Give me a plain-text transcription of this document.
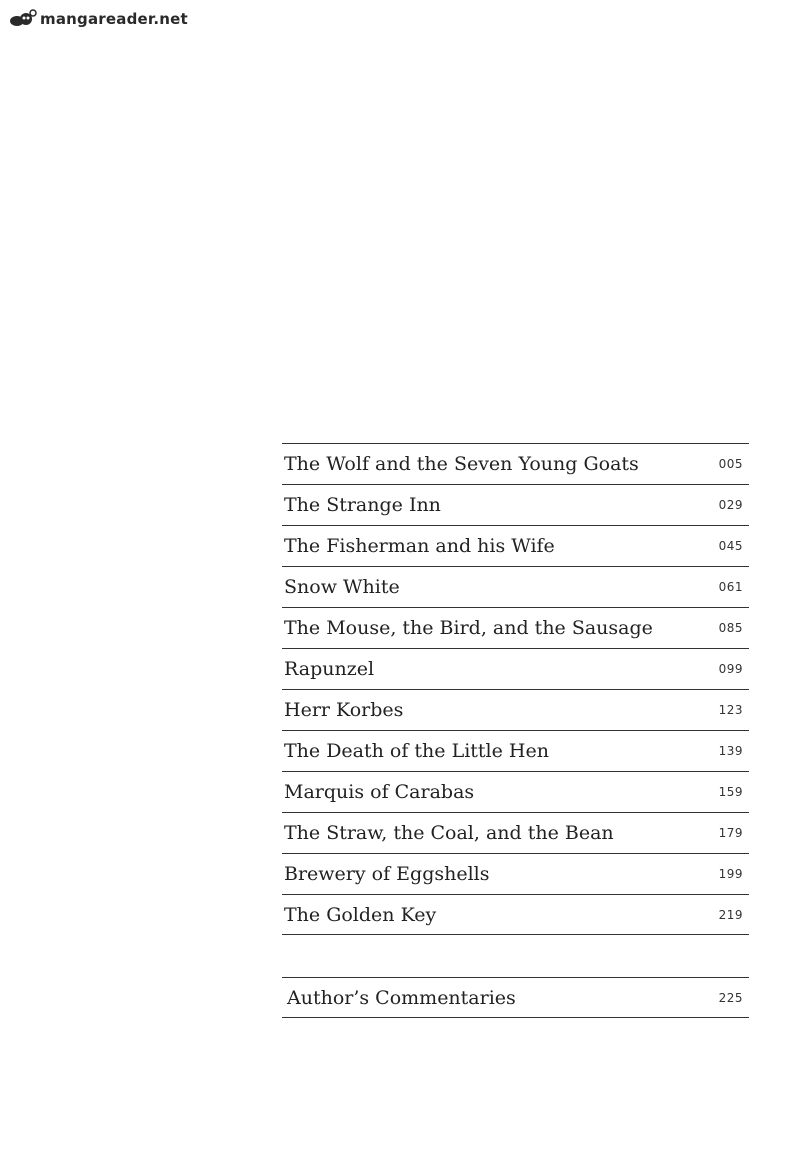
mangareader.net
The Wolf and the Seven Young Goats	005
The Strange Inn	029
The Fisherman and his Wife	045
Snow White	061
The Mouse, the Bird, and the Sausage	085
Rapunzel	099
Herr Korbes	123
The Death of the Little Hen	139
Marquis of Carabas	159
The Straw, the Coal, and the Bean	179
Brewery of Eggshells	199
The Golden Key	219
Author’s Commentaries	225
